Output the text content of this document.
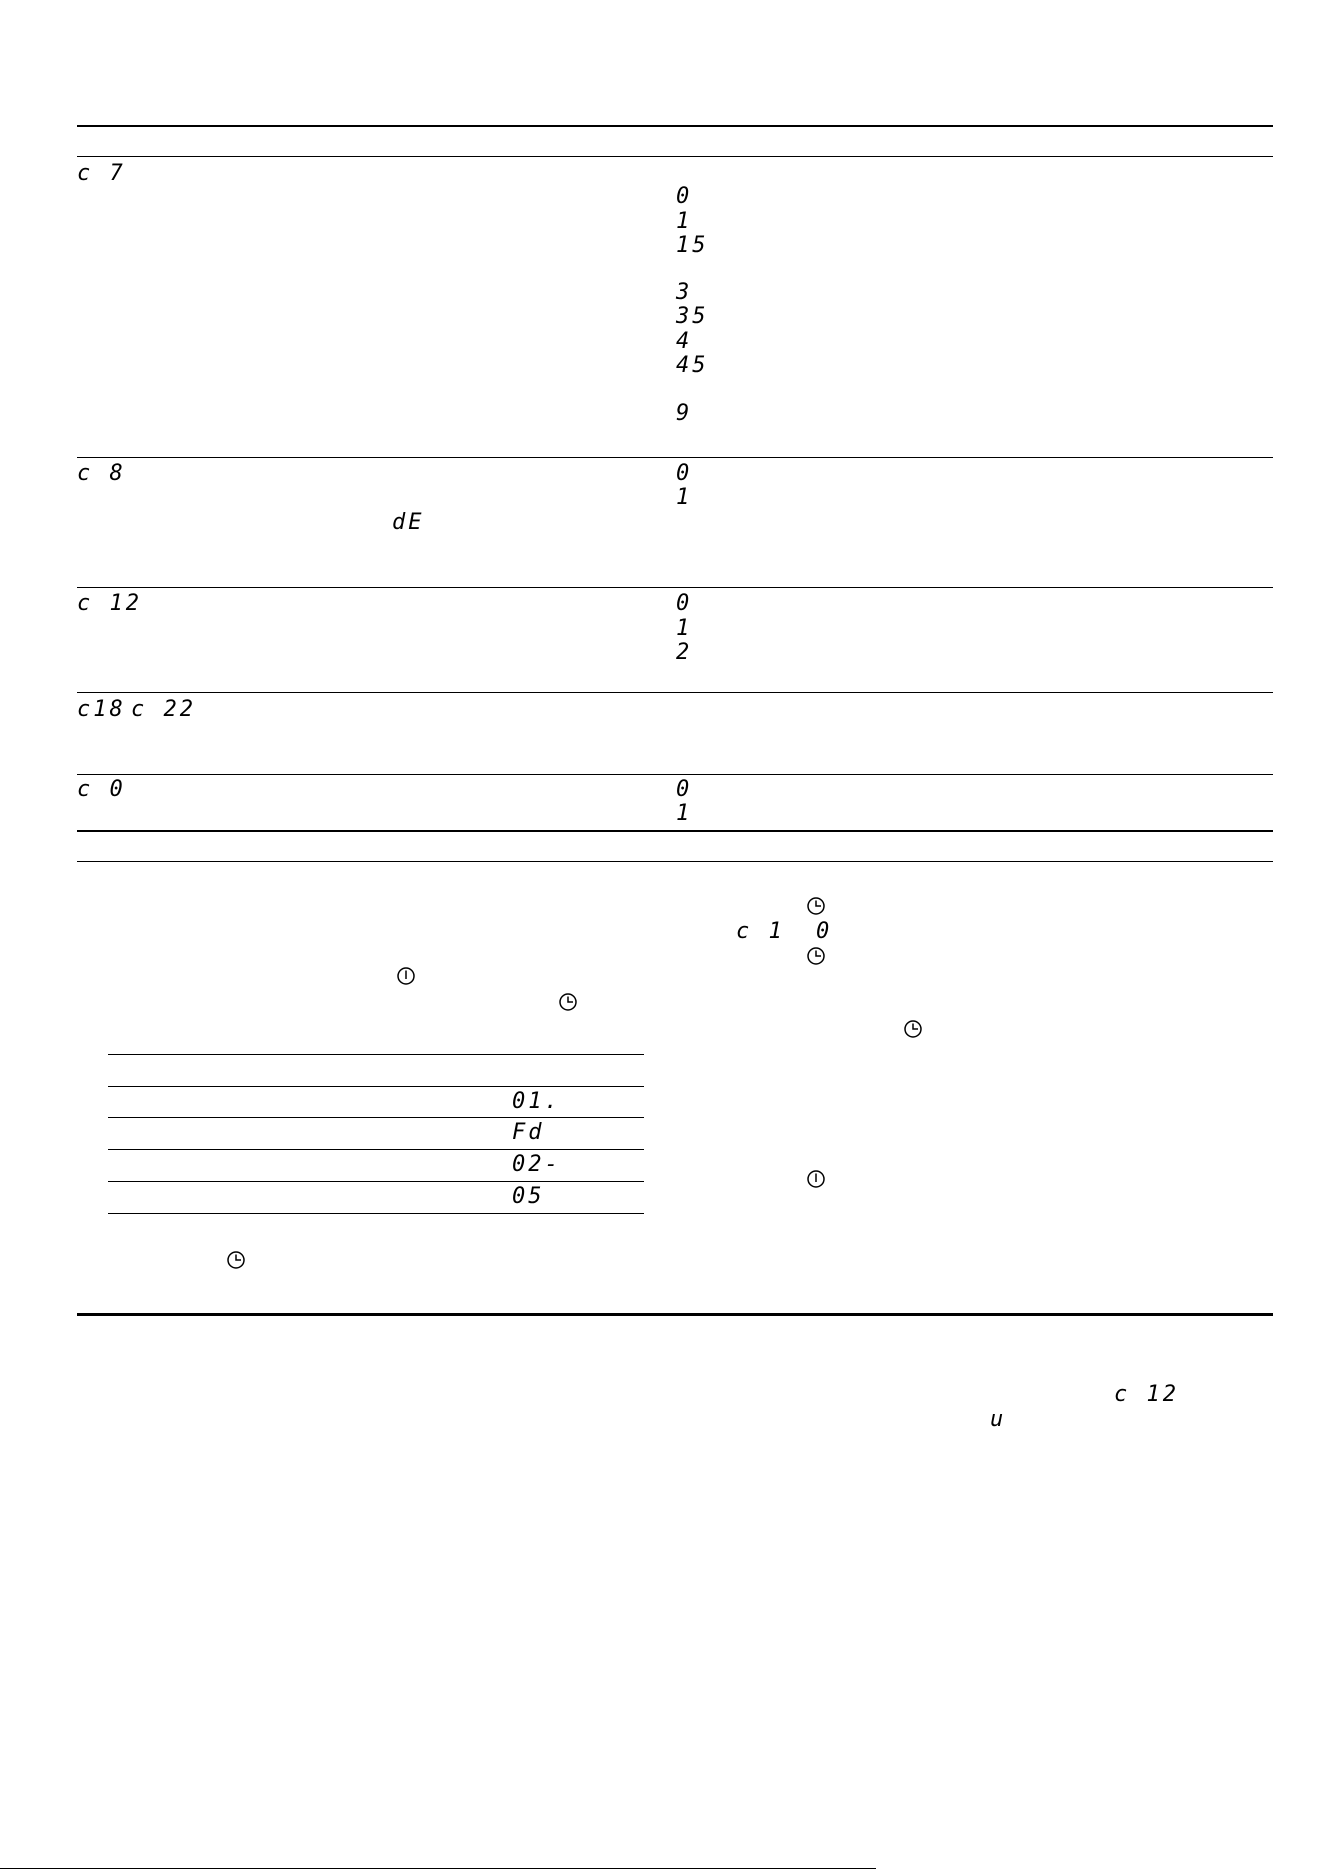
c 7
0
1
15
3
35
4
45
9
c 8
dE
0
1
c 12	0
1
2
c18 c 22
c 0	0
1
01.
Fd
02-
05
c 1 0
c 12
u
